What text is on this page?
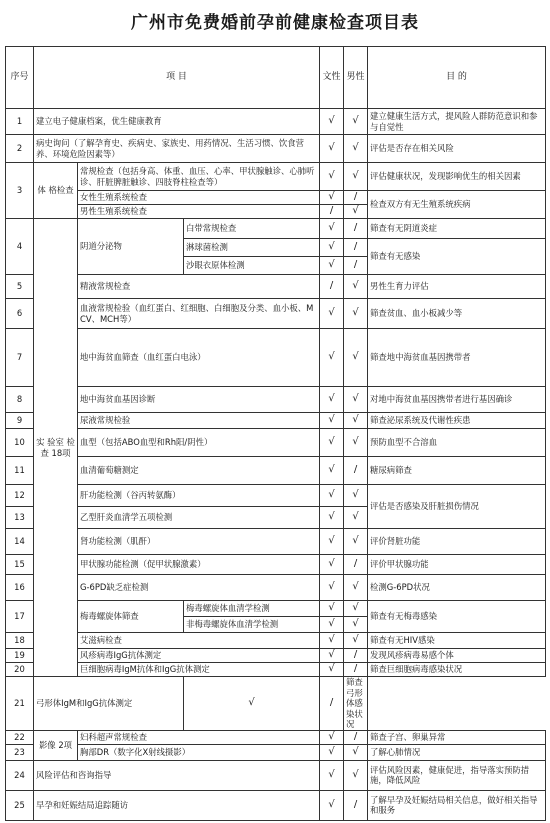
广州市免费婚前孕前健康检查项目表
序号	项 目			文性	男性	目 的
1	建立电子健康档案，优生健康教育			√	√	建立健康生活方式，提风险人群防范意识和参与自觉性
2	病史询问（了解孕育史、疾病史、家族史、用药情况、生活习惯、饮食营养、环境危险因素等）			√	√	评估是否存在相关风险
3	体 格检查	常规检查（包括身高、体重、血压、心率、甲状腺触诊、心肺听诊、肝脏脾脏触诊、四肢脊柱检查等）		√	√	评估健康状况，发现影响优生的相关因素
		女性生殖系统检查		√	/	检查双方有无生殖系统疾病
		男性生殖系统检查		/	√	
4	实 验室 检 查 18项	阴道分泌物	白带常规检查	√	/	筛查有无阴道炎症
			淋球菌检测	√	/	筛查有无感染
			沙眼衣原体检测	√	/	
5		精液常规检查		/	√	男性生育力评估
6		血液常规检验（血红蛋白、红细胞、白细胞及分类、血小板、MCV、MCH等）		√	√	筛查贫血、血小板减少等
7		地中海贫血筛查（血红蛋白电泳）		√	√	筛查地中海贫血基因携带者
8		地中海贫血基因诊断		√	√	对地中海贫血基因携带者进行基因确诊
9		尿液常规检验		√	√	筛查泌尿系统及代谢性疾患
10		血型（包括ABO血型和Rh阳/阴性）		√	√	预防血型不合溶血
11		血清葡萄糖测定		√	/	糖尿病筛查
12		肝功能检测（谷丙转氨酶）		√	√	评估是否感染及肝脏损伤情况
13		乙型肝炎血清学五项检测		√	√	
14		肾功能检测（肌酐）		√	√	评价肾脏功能
15		甲状腺功能检测（促甲状腺激素）		√	/	评价甲状腺功能
16		G-6PD缺乏症检测		√	√	检测G-6PD状况
17		梅毒螺旋体筛查	梅毒螺旋体血清学检测	√	√	筛查有无梅毒感染
			非梅毒螺旋体血清学检测	√	√	
18		艾滋病检查		√	√	筛查有无HIV感染
19		风疹病毒IgG抗体测定		√	/	发现风疹病毒易感个体
20		巨细胞病毒IgM抗体和IgG抗体测定		√	/	筛查巨细胞病毒感染状况
21	弓形体IgM和IgG抗体测定		√	/	筛查弓形体感染状况	
22	影像 2项	妇科超声常规检查		√	/	筛查子宫、卵巢异常
23		胸部DR（数字化X射线摄影）		√	√	了解心肺情况
24	风险评估和咨询指导			√	√	评估风险因素，健康促进，指导落实预防措施，降低风险
25	早孕和妊娠结局追踪随访			√	/	了解早孕及妊娠结局相关信息，做好相关指导和服务
